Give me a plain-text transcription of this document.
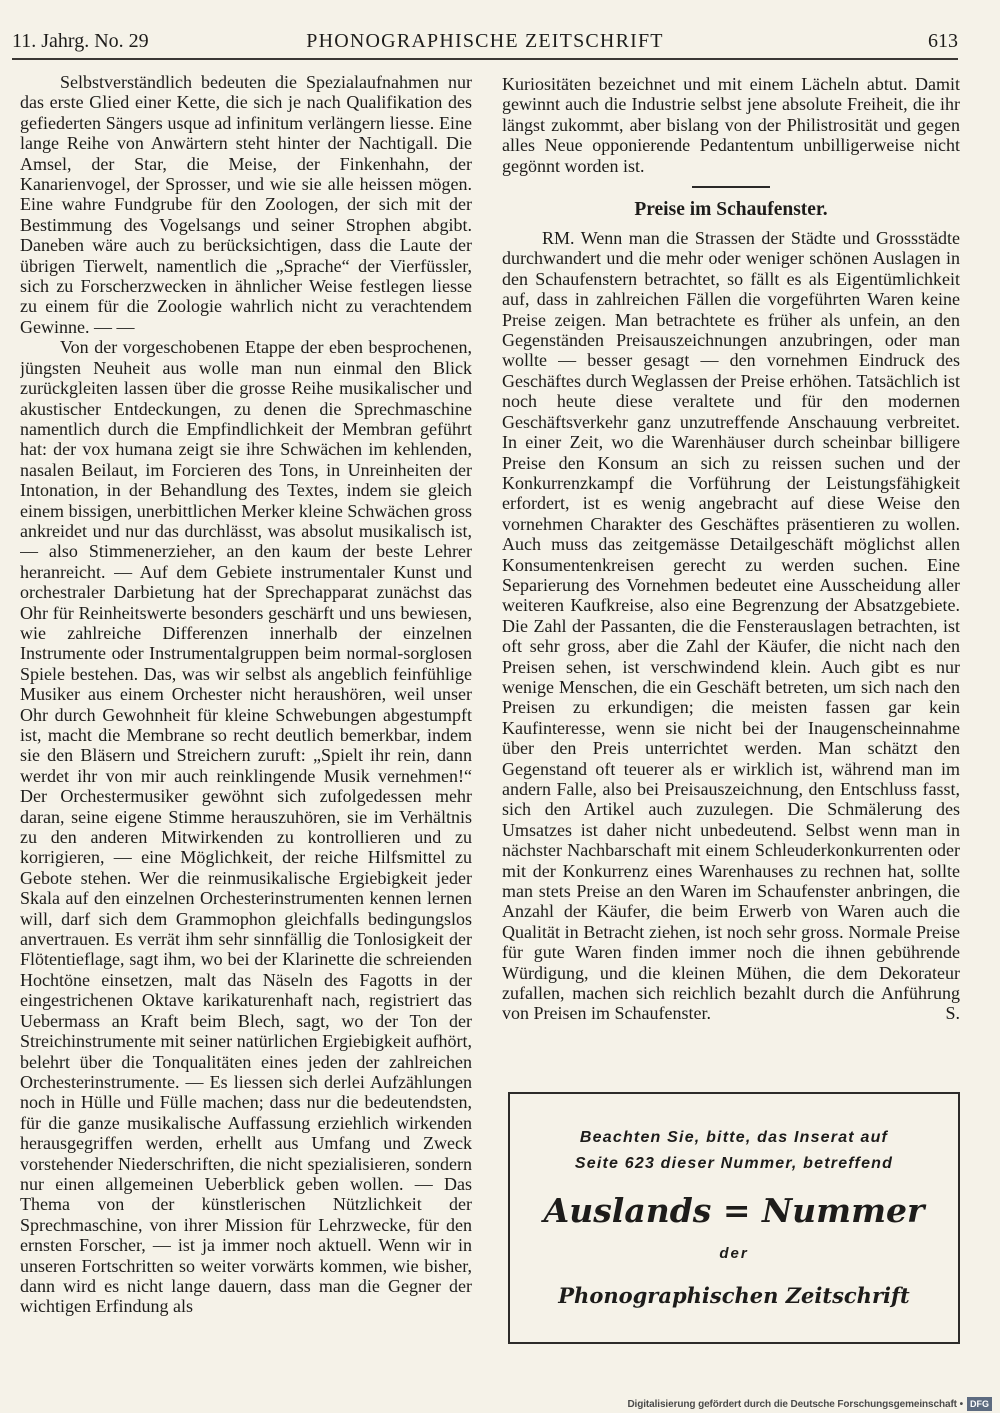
11. Jahrg. No. 29	PHONOGRAPHISCHE ZEITSCHRIFT	613

Selbstverständlich bedeuten die Spezialaufnahmen nur das erste Glied einer Kette, die sich je nach Qualifikation des gefiederten Sängers usque ad infinitum verlängern liesse. Eine lange Reihe von Anwärtern steht hinter der Nachtigall. Die Amsel, der Star, die Meise, der Finkenhahn, der Kanarienvogel, der Sprosser, und wie sie alle heissen mögen. Eine wahre Fundgrube für den Zoologen, der sich mit der Bestimmung des Vogelsangs und seiner Strophen abgibt. Daneben wäre auch zu berücksichtigen, dass die Laute der übrigen Tierwelt, namentlich die „Sprache“ der Vierfüssler, sich zu Forscherzwecken in ähnlicher Weise festlegen liesse zu einem für die Zoologie wahrlich nicht zu verachtendem Gewinne. — —

Von der vorgeschobenen Etappe der eben besprochenen, jüngsten Neuheit aus wolle man nun einmal den Blick zurückgleiten lassen über die grosse Reihe musikalischer und akustischer Entdeckungen, zu denen die Sprechmaschine namentlich durch die Empfindlichkeit der Membran geführt hat: der vox humana zeigt sie ihre Schwächen im kehlenden, nasalen Beilaut, im Forcieren des Tons, in Unreinheiten der Intonation, in der Behandlung des Textes, indem sie gleich einem bissigen, unerbittlichen Merker kleine Schwächen gross ankreidet und nur das durchlässt, was absolut musikalisch ist, — also Stimmenerzieher, an den kaum der beste Lehrer heranreicht. — Auf dem Gebiete instrumentaler Kunst und orchestraler Darbietung hat der Sprechapparat zunächst das Ohr für Reinheitswerte besonders geschärft und uns bewiesen, wie zahlreiche Differenzen innerhalb der einzelnen Instrumente oder Instrumentalgruppen beim normal-sorglosen Spiele bestehen. Das, was wir selbst als angeblich feinfühlige Musiker aus einem Orchester nicht heraushören, weil unser Ohr durch Gewohnheit für kleine Schwebungen abgestumpft ist, macht die Membrane so recht deutlich bemerkbar, indem sie den Bläsern und Streichern zuruft: „Spielt ihr rein, dann werdet ihr von mir auch reinklingende Musik vernehmen!“ Der Orchestermusiker gewöhnt sich zufolgedessen mehr daran, seine eigene Stimme herauszuhören, sie im Verhältnis zu den anderen Mitwirkenden zu kontrollieren und zu korrigieren, — eine Möglichkeit, der reiche Hilfsmittel zu Gebote stehen. Wer die reinmusikalische Ergiebigkeit jeder Skala auf den einzelnen Orchesterinstrumenten kennen lernen will, darf sich dem Grammophon gleichfalls bedingungslos anvertrauen. Es verrät ihm sehr sinnfällig die Tonlosigkeit der Flötentieflage, sagt ihm, wo bei der Klarinette die schreienden Hochtöne einsetzen, malt das Näseln des Fagotts in der eingestrichenen Oktave karikaturenhaft nach, registriert das Uebermass an Kraft beim Blech, sagt, wo der Ton der Streichinstrumente mit seiner natürlichen Ergiebigkeit aufhört, belehrt über die Tonqualitäten eines jeden der zahlreichen Orchesterinstrumente. — Es liessen sich derlei Aufzählungen noch in Hülle und Fülle machen; dass nur die bedeutendsten, für die ganze musikalische Auffassung erziehlich wirkenden herausgegriffen werden, erhellt aus Umfang und Zweck vorstehender Niederschriften, die nicht spezialisieren, sondern nur einen allgemeinen Ueberblick geben wollen. — Das Thema von der künstlerischen Nützlichkeit der Sprechmaschine, von ihrer Mission für Lehrzwecke, für den ernsten Forscher, — ist ja immer noch aktuell. Wenn wir in unseren Fortschritten so weiter vorwärts kommen, wie bisher, dann wird es nicht lange dauern, dass man die Gegner der wichtigen Erfindung als

Kuriositäten bezeichnet und mit einem Lächeln abtut. Damit gewinnt auch die Industrie selbst jene absolute Freiheit, die ihr längst zukommt, aber bislang von der Philistrosität und gegen alles Neue opponierende Pedantentum unbilligerweise nicht gegönnt worden ist.

Preise im Schaufenster.

RM. Wenn man die Strassen der Städte und Grossstädte durchwandert und die mehr oder weniger schönen Auslagen in den Schaufenstern betrachtet, so fällt es als Eigentümlichkeit auf, dass in zahlreichen Fällen die vorgeführten Waren keine Preise zeigen. Man betrachtete es früher als unfein, an den Gegenständen Preisauszeichnungen anzubringen, oder man wollte — besser gesagt — den vornehmen Eindruck des Geschäftes durch Weglassen der Preise erhöhen. Tatsächlich ist noch heute diese veraltete und für den modernen Geschäftsverkehr ganz unzutreffende Anschauung verbreitet. In einer Zeit, wo die Warenhäuser durch scheinbar billigere Preise den Konsum an sich zu reissen suchen und der Konkurrenzkampf die Vorführung der Leistungsfähigkeit erfordert, ist es wenig angebracht auf diese Weise den vornehmen Charakter des Geschäftes präsentieren zu wollen. Auch muss das zeitgemässe Detailgeschäft möglichst allen Konsumentenkreisen gerecht zu werden suchen. Eine Separierung des Vornehmen bedeutet eine Ausscheidung aller weiteren Kaufkreise, also eine Begrenzung der Absatzgebiete. Die Zahl der Passanten, die die Fensterauslagen betrachten, ist oft sehr gross, aber die Zahl der Käufer, die nicht nach den Preisen sehen, ist verschwindend klein. Auch gibt es nur wenige Menschen, die ein Geschäft betreten, um sich nach den Preisen zu erkundigen; die meisten fassen gar kein Kaufinteresse, wenn sie nicht bei der Inaugenscheinnahme über den Preis unterrichtet werden. Man schätzt den Gegenstand oft teuerer als er wirklich ist, während man im andern Falle, also bei Preisauszeichnung, den Entschluss fasst, sich den Artikel auch zuzulegen. Die Schmälerung des Umsatzes ist daher nicht unbedeutend. Selbst wenn man in nächster Nachbarschaft mit einem Schleuderkonkurrenten oder mit der Konkurrenz eines Warenhauses zu rechnen hat, sollte man stets Preise an den Waren im Schaufenster anbringen, die Anzahl der Käufer, die beim Erwerb von Waren auch die Qualität in Betracht ziehen, ist noch sehr gross. Normale Preise für gute Waren finden immer noch die ihnen gebührende Würdigung, und die kleinen Mühen, die dem Dekorateur zufallen, machen sich reichlich bezahlt durch die Anführung von Preisen im Schaufenster.	S.

Beachten Sie, bitte, das Inserat auf
Seite 623 dieser Nummer, betreffend
Auslands = Nummer
der
Phonographischen Zeitschrift
Digitalisierung gefördert durch die Deutsche Forschungsgemeinschaft • DFG
